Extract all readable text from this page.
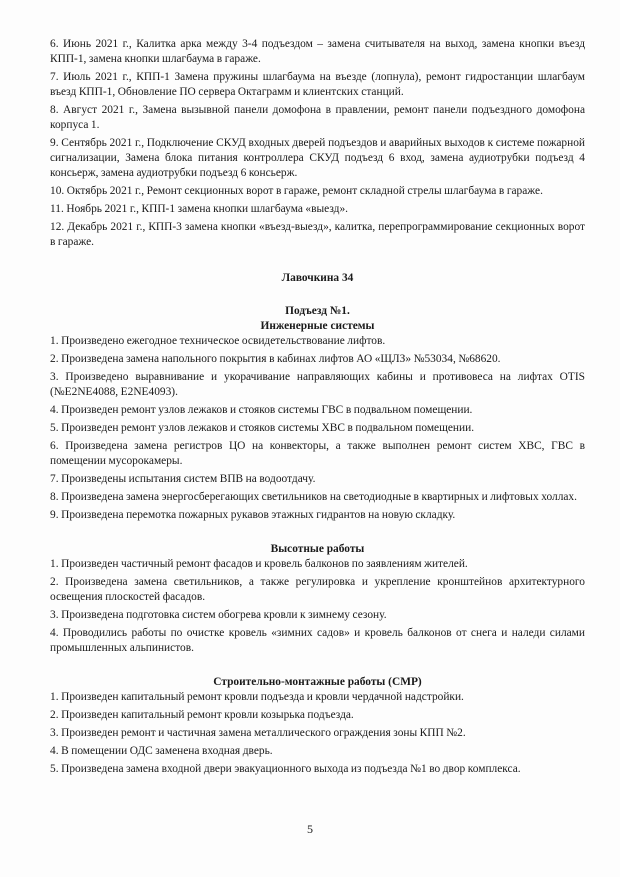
6. Июнь 2021 г., Калитка арка между 3-4 подъездом – замена считывателя на выход, замена кнопки въезд КПП-1, замена кнопки шлагбаума в гараже.

7. Июль 2021 г., КПП-1 Замена пружины шлагбаума на въезде (лопнула), ремонт гидростанции шлагбаум въезд КПП-1, Обновление ПО сервера Октаграмм и клиентских станций.

8. Август 2021 г., Замена вызывной панели домофона в правлении, ремонт панели подъездного домофона корпуса 1.

9. Сентябрь 2021 г., Подключение СКУД входных дверей подъездов и аварийных выходов к системе пожарной сигнализации, Замена блока питания контроллера СКУД подъезд 6 вход, замена аудиотрубки подъезд 4 консьерж, замена аудиотрубки подъезд 6 консьерж.

10. Октябрь 2021 г., Ремонт секционных ворот в гараже, ремонт складной стрелы шлагбаума в гараже.

11. Ноябрь 2021 г., КПП-1 замена кнопки шлагбаума «выезд».

12. Декабрь 2021 г., КПП-3 замена кнопки «въезд-выезд», калитка, перепрограммирование секционных ворот в гараже.

Лавочкина 34

Подъезд №1.

Инженерные системы

1. Произведено ежегодное техническое освидетельствование лифтов.

2. Произведена замена напольного покрытия в кабинах лифтов АО «ЩЛЗ» №53034, №68620.

3. Произведено выравнивание и укорачивание направляющих кабины и противовеса на лифтах OTIS (№E2NE4088, E2NE4093).

4. Произведен ремонт узлов лежаков и стояков системы ГВС в подвальном помещении.

5. Произведен ремонт узлов лежаков и стояков системы ХВС в подвальном помещении.

6. Произведена замена регистров ЦО на конвекторы, а также выполнен ремонт систем ХВС, ГВС в помещении мусорокамеры.

7. Произведены испытания систем ВПВ на водоотдачу.

8. Произведена замена энергосберегающих светильников на светодиодные в квартирных и лифтовых холлах.

9. Произведена перемотка пожарных рукавов этажных гидрантов на новую складку.

Высотные работы

1. Произведен частичный ремонт фасадов и кровель балконов по заявлениям жителей.

2. Произведена замена светильников, а также регулировка и укрепление кронштейнов архитектурного освещения плоскостей фасадов.

3. Произведена подготовка систем обогрева кровли к зимнему сезону.

4. Проводились работы по очистке кровель «зимних садов» и кровель балконов от снега и наледи силами промышленных альпинистов.

Строительно-монтажные работы (СМР)

1. Произведен капитальный ремонт кровли подъезда и кровли чердачной надстройки.

2. Произведен капитальный ремонт кровли козырька подъезда.

3. Произведен ремонт и частичная замена металлического ограждения зоны КПП №2.

4. В помещении ОДС заменена входная дверь.

5. Произведена замена входной двери эвакуационного выхода из подъезда №1 во двор комплекса.

5
